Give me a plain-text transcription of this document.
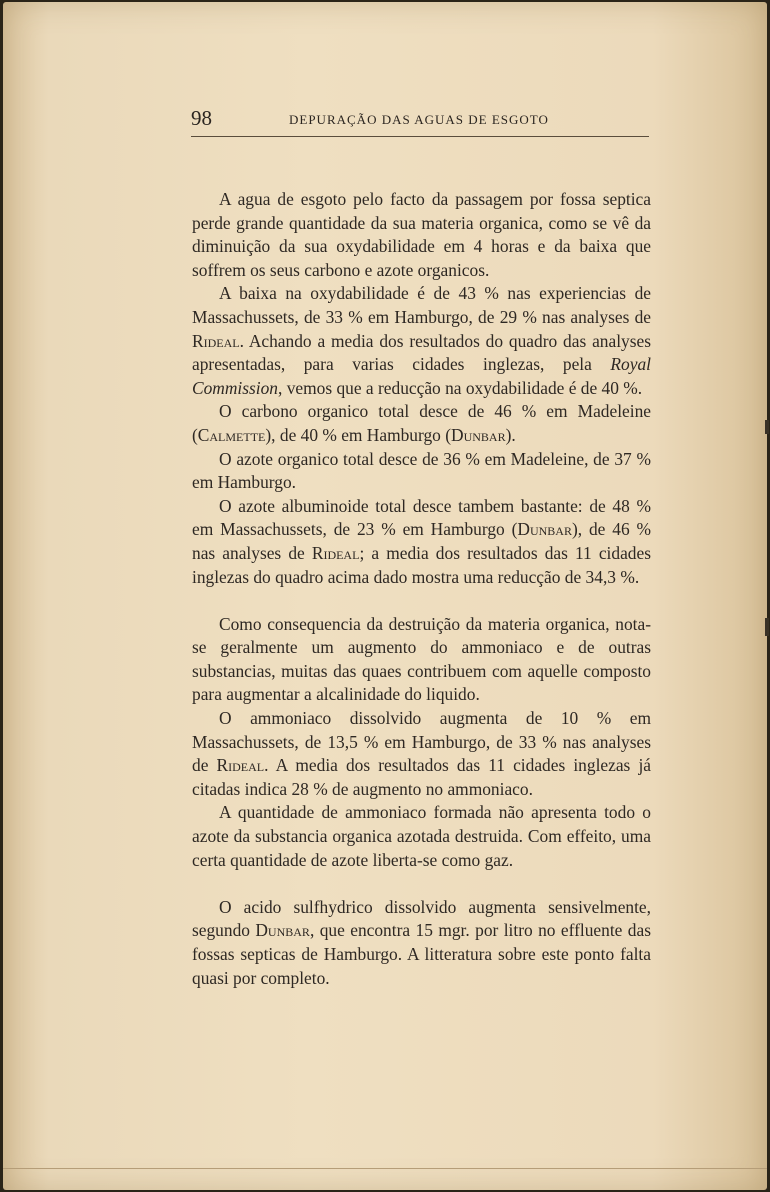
98	DEPURAÇÃO DAS AGUAS DE ESGOTO

A agua de esgoto pelo facto da passagem por fossa septica perde grande quantidade da sua materia organica, como se vê da diminuição da sua oxydabilidade em 4 horas e da baixa que soffrem os seus carbono e azote organicos.

A baixa na oxydabilidade é de 43 % nas experiencias de Massachussets, de 33 % em Hamburgo, de 29 % nas analyses de Rideal. Achando a media dos resultados do quadro das analyses apresentadas, para varias cidades inglezas, pela Royal Commission, vemos que a reducção na oxydabilidade é de 40 %.

O carbono organico total desce de 46 % em Madeleine (Calmette), de 40 % em Hamburgo (Dunbar).

O azote organico total desce de 36 % em Madeleine, de 37 % em Hamburgo.

O azote albuminoide total desce tambem bastante: de 48 % em Massachussets, de 23 % em Hamburgo (Dunbar), de 46 % nas analyses de Rideal; a media dos resultados das 11 cidades inglezas do quadro acima dado mostra uma reducção de 34,3 %.

Como consequencia da destruição da materia organica, nota-se geralmente um augmento do ammoniaco e de outras substancias, muitas das quaes contribuem com aquelle composto para augmentar a alcalinidade do liquido.

O ammoniaco dissolvido augmenta de 10 % em Massachussets, de 13,5 % em Hamburgo, de 33 % nas analyses de Rideal. A media dos resultados das 11 cidades inglezas já citadas indica 28 % de augmento no ammoniaco.

A quantidade de ammoniaco formada não apresenta todo o azote da substancia organica azotada destruida. Com effeito, uma certa quantidade de azote liberta-se como gaz.

O acido sulfhydrico dissolvido augmenta sensivelmente, segundo Dunbar, que encontra 15 mgr. por litro no effluente das fossas septicas de Hamburgo. A litteratura sobre este ponto falta quasi por completo.
